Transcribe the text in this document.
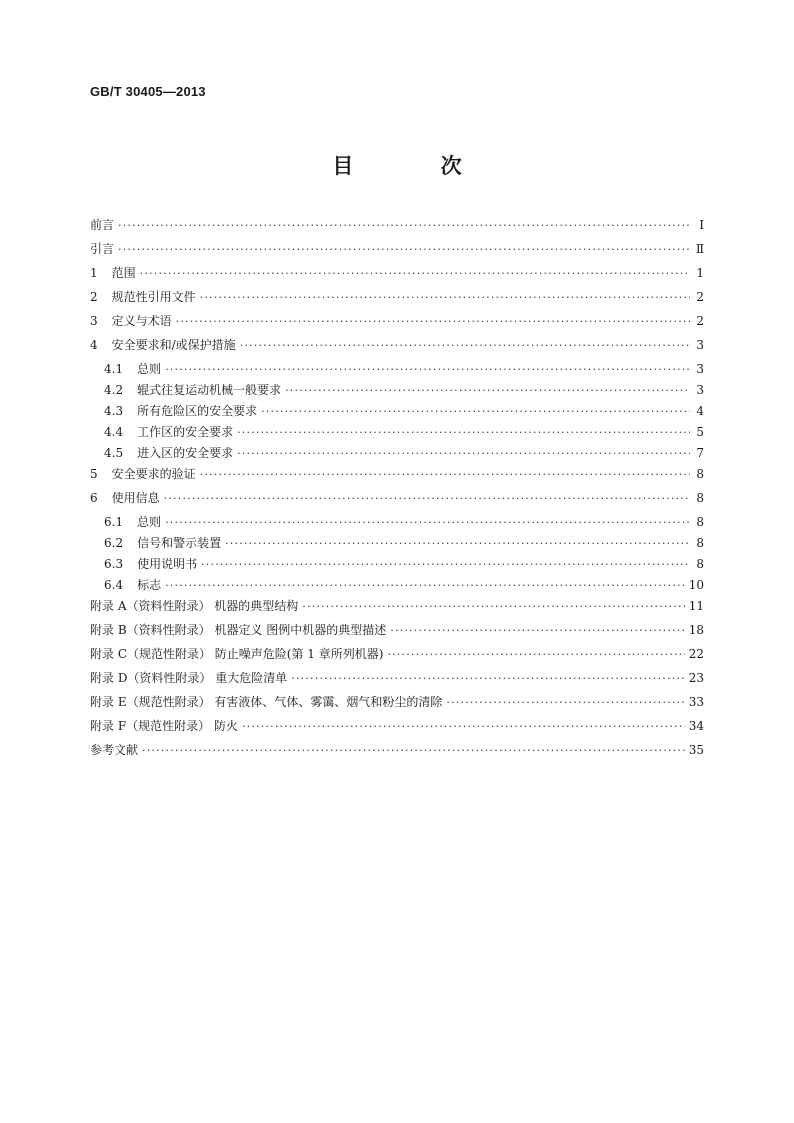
GB/T 30405—2013
目 次
前言 ·····	Ⅰ
引言 ·····	Ⅱ
1 范围 ·····	1
2 规范性引用文件 ·····	2
3 定义与术语 ·····	2
4 安全要求和/或保护措施 ·····	3
4.1 总则 ·····	3
4.2 辊式往复运动机械一般要求 ·····	3
4.3 所有危险区的安全要求 ·····	4
4.4 工作区的安全要求 ·····	5
4.5 进入区的安全要求 ·····	7
5 安全要求的验证 ·····	8
6 使用信息 ·····	8
6.1 总则 ·····	8
6.2 信号和警示装置 ·····	8
6.3 使用说明书 ·····	8
6.4 标志 ·····	10
附录 A（资料性附录） 机器的典型结构 ·····	11
附录 B（资料性附录） 机器定义 图例中机器的典型描述 ·····	18
附录 C（规范性附录） 防止噪声危险(第 1 章所列机器) ·····	22
附录 D（资料性附录） 重大危险清单 ·····	23
附录 E（规范性附录） 有害液体、气体、雾霭、烟气和粉尘的清除 ·····	33
附录 F（规范性附录） 防火 ·····	34
参考文献 ·····	35
